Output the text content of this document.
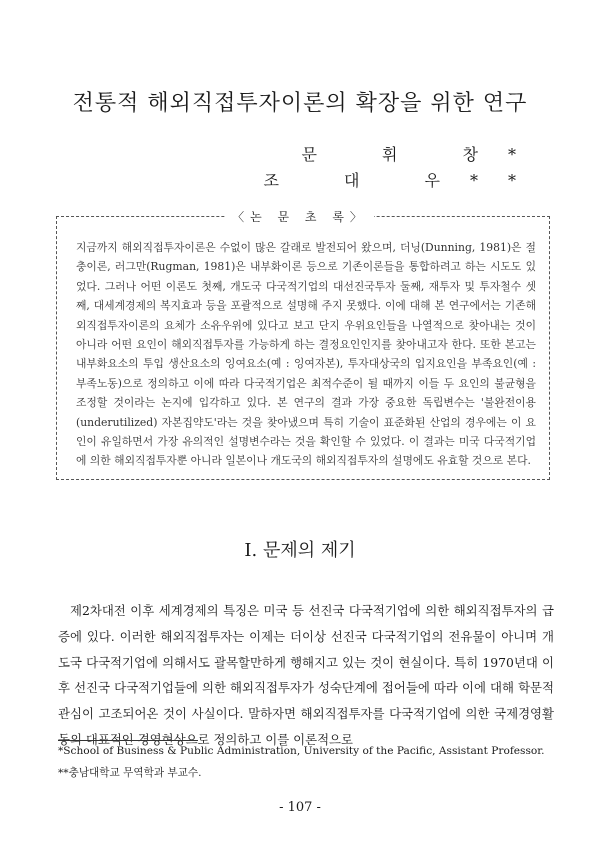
전통적 해외직접투자이론의 확장을 위한 연구
문 휘 창*
조 대 우**
〈논 문 초 록〉
지금까지 해외직접투자이론은 수없이 많은 갈래로 발전되어 왔으며, 더닝(Dunning, 1981)은 절충이론, 러그만(Rugman, 1981)은 내부화이론 등으로 기존이론들을 통합하려고 하는 시도도 있었다. 그러나 어떤 이론도 첫째, 개도국 다국적기업의 대선진국투자 둘째, 재투자 및 투자철수 셋째, 대세계경제의 복지효과 등을 포괄적으로 설명해 주지 못했다. 이에 대해 본 연구에서는 기존해외직접투자이론의 요체가 소유우위에 있다고 보고 단지 우위요인들을 나열적으로 찾아내는 것이 아니라 어떤 요인이 해외직접투자를 가능하게 하는 결정요인인지를 찾아내고자 한다. 또한 본고는 내부화요소의 투입 생산요소의 잉여요소(예 : 잉여자본), 투자대상국의 입지요인을 부족요인(예 : 부족노동)으로 정의하고 이에 따라 다국적기업은 최적수준이 될 때까지 이들 두 요인의 불균형을 조정할 것이라는 논지에 입각하고 있다. 본 연구의 결과 가장 중요한 독립변수는 '불완전이용(underutilized) 자본집약도'라는 것을 찾아냈으며 특히 기술이 표준화된 산업의 경우에는 이 요인이 유일하면서 가장 유의적인 설명변수라는 것을 확인할 수 있었다. 이 결과는 미국 다국적기업에 의한 해외직접투자뿐 아니라 일본이나 개도국의 해외직접투자의 설명에도 유효할 것으로 본다.
Ⅰ. 문제의 제기

제2차대전 이후 세계경제의 특징은 미국 등 선진국 다국적기업에 의한 해외직접투자의 급증에 있다. 이러한 해외직접투자는 이제는 더이상 선진국 다국적기업의 전유물이 아니며 개도국 다국적기업에 의해서도 괄목할만하게 행해지고 있는 것이 현실이다. 특히 1970년대 이후 선진국 다국적기업들에 의한 해외직접투자가 성숙단계에 접어들에 따라 이에 대해 학문적 관심이 고조되어온 것이 사실이다. 말하자면 해외직접투자를 다국적기업에 의한 국제경영활동의 대표적인 경영현상으로 정의하고 이를 이론적으로

*School of Business & Public Administration, University of the Pacific, Assistant Professor.
**충남대학교 무역학과 부교수.
- 107 -
